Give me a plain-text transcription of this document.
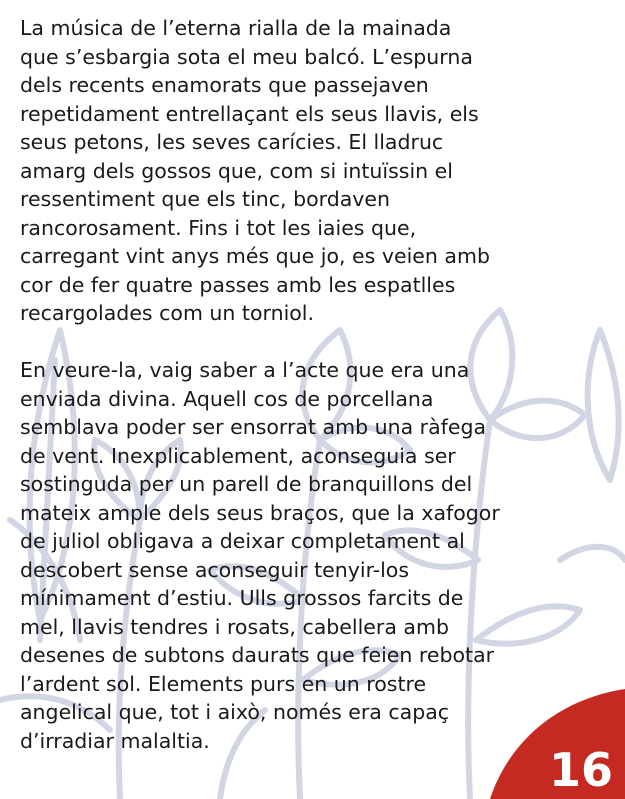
La música de l’eterna rialla de la mainada
que s’esbargia sota el meu balcó. L’espurna
dels recents enamorats que passejaven
repetidament entrellaçant els seus llavis, els
seus petons, les seves carícies. El lladruc
amarg dels gossos que, com si intuïssin el
ressentiment que els tinc, bordaven
rancorosament. Fins i tot les iaies que,
carregant vint anys més que jo, es veien amb
cor de fer quatre passes amb les espatlles
recargolades com un torniol.

En veure-la, vaig saber a l’acte que era una
enviada divina. Aquell cos de porcellana
semblava poder ser ensorrat amb una ràfega
de vent. Inexplicablement, aconseguia ser
sostinguda per un parell de branquillons del
mateix ample dels seus braços, que la xafogor
de juliol obligava a deixar completament al
descobert sense aconseguir tenyir-los
mínimament d’estiu. Ulls grossos farcits de
mel, llavis tendres i rosats, cabellera amb
desenes de subtons daurats que feien rebotar
l’ardent sol. Elements purs en un rostre
angelical que, tot i això, només era capaç
d’irradiar malaltia.

16
